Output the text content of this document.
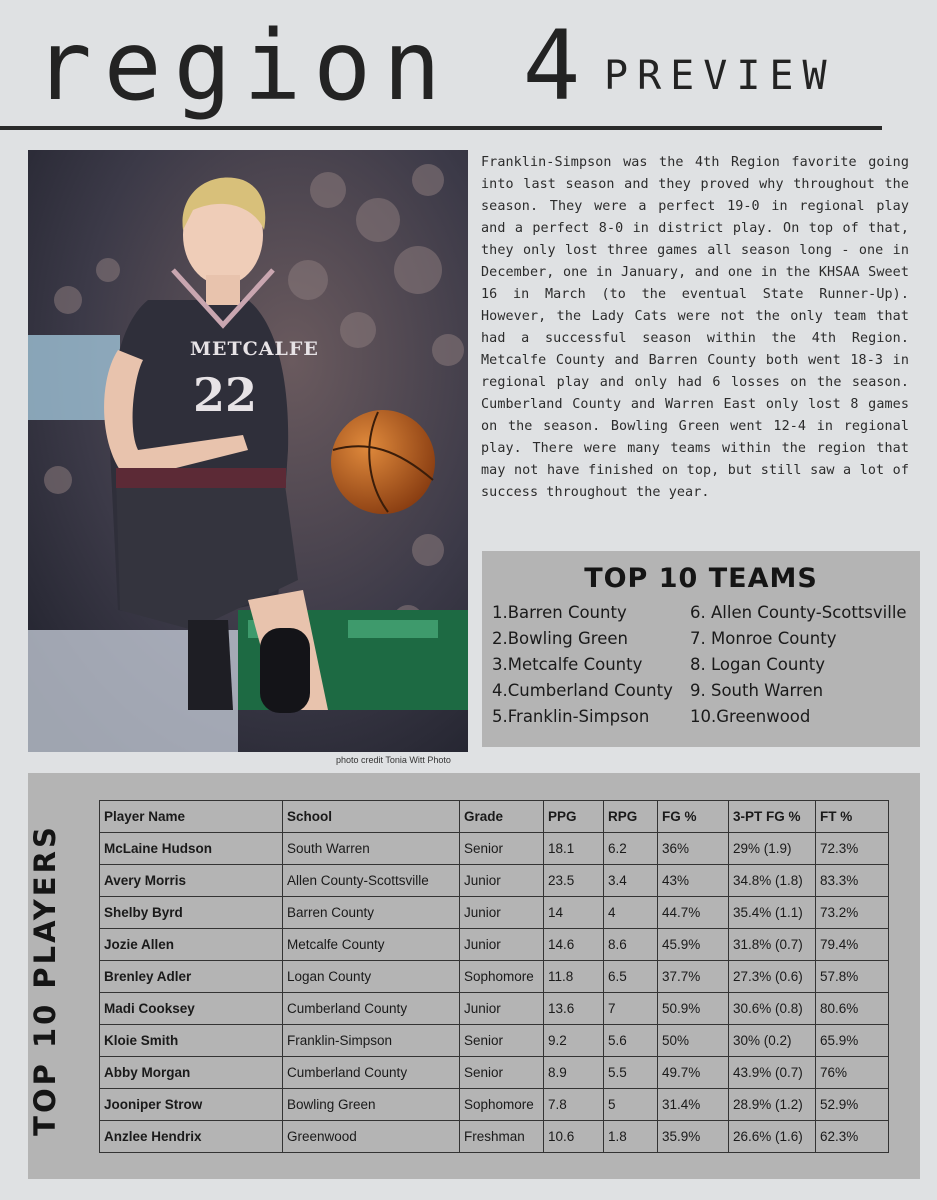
region 4 PREVIEW
METCALFE
22
photo credit Tonia Witt Photo
Franklin-Simpson was the 4th Region favorite going into last season and they proved why throughout the season. They were a perfect 19-0 in regional play and a perfect 8-0 in district play. On top of that, they only lost three games all season long - one in December, one in January, and one in the KHSAA Sweet 16 in March (to the eventual State Runner-Up). However, the Lady Cats were not the only team that had a successful season within the 4th Region. Metcalfe County and Barren County both went 18-3 in regional play and only had 6 losses on the season. Cumberland County and Warren East only lost 8 games on the season. Bowling Green went 12-4 in regional play. There were many teams within the region that may not have finished on top, but still saw a lot of success throughout the year.
TOP 10 TEAMS
1.Barren County
2.Bowling Green
3.Metcalfe County
4.Cumberland County
5.Franklin-Simpson
6. Allen County-Scottsville
7. Monroe County
8. Logan County
9. South Warren
10.Greenwood
TOP 10 PLAYERS
Player Name	School	Grade	PPG	RPG	FG %	3-PT FG %	FT %
McLaine Hudson	South Warren	Senior	18.1	6.2	36%	29% (1.9)	72.3%
Avery Morris	Allen County-Scottsville	Junior	23.5	3.4	43%	34.8% (1.8)	83.3%
Shelby Byrd	Barren County	Junior	14	4	44.7%	35.4% (1.1)	73.2%
Jozie Allen	Metcalfe County	Junior	14.6	8.6	45.9%	31.8% (0.7)	79.4%
Brenley Adler	Logan County	Sophomore	11.8	6.5	37.7%	27.3% (0.6)	57.8%
Madi Cooksey	Cumberland County	Junior	13.6	7	50.9%	30.6% (0.8)	80.6%
Kloie Smith	Franklin-Simpson	Senior	9.2	5.6	50%	30% (0.2)	65.9%
Abby Morgan	Cumberland County	Senior	8.9	5.5	49.7%	43.9% (0.7)	76%
Jooniper Strow	Bowling Green	Sophomore	7.8	5	31.4%	28.9% (1.2)	52.9%
Anzlee Hendrix	Greenwood	Freshman	10.6	1.8	35.9%	26.6% (1.6)	62.3%
